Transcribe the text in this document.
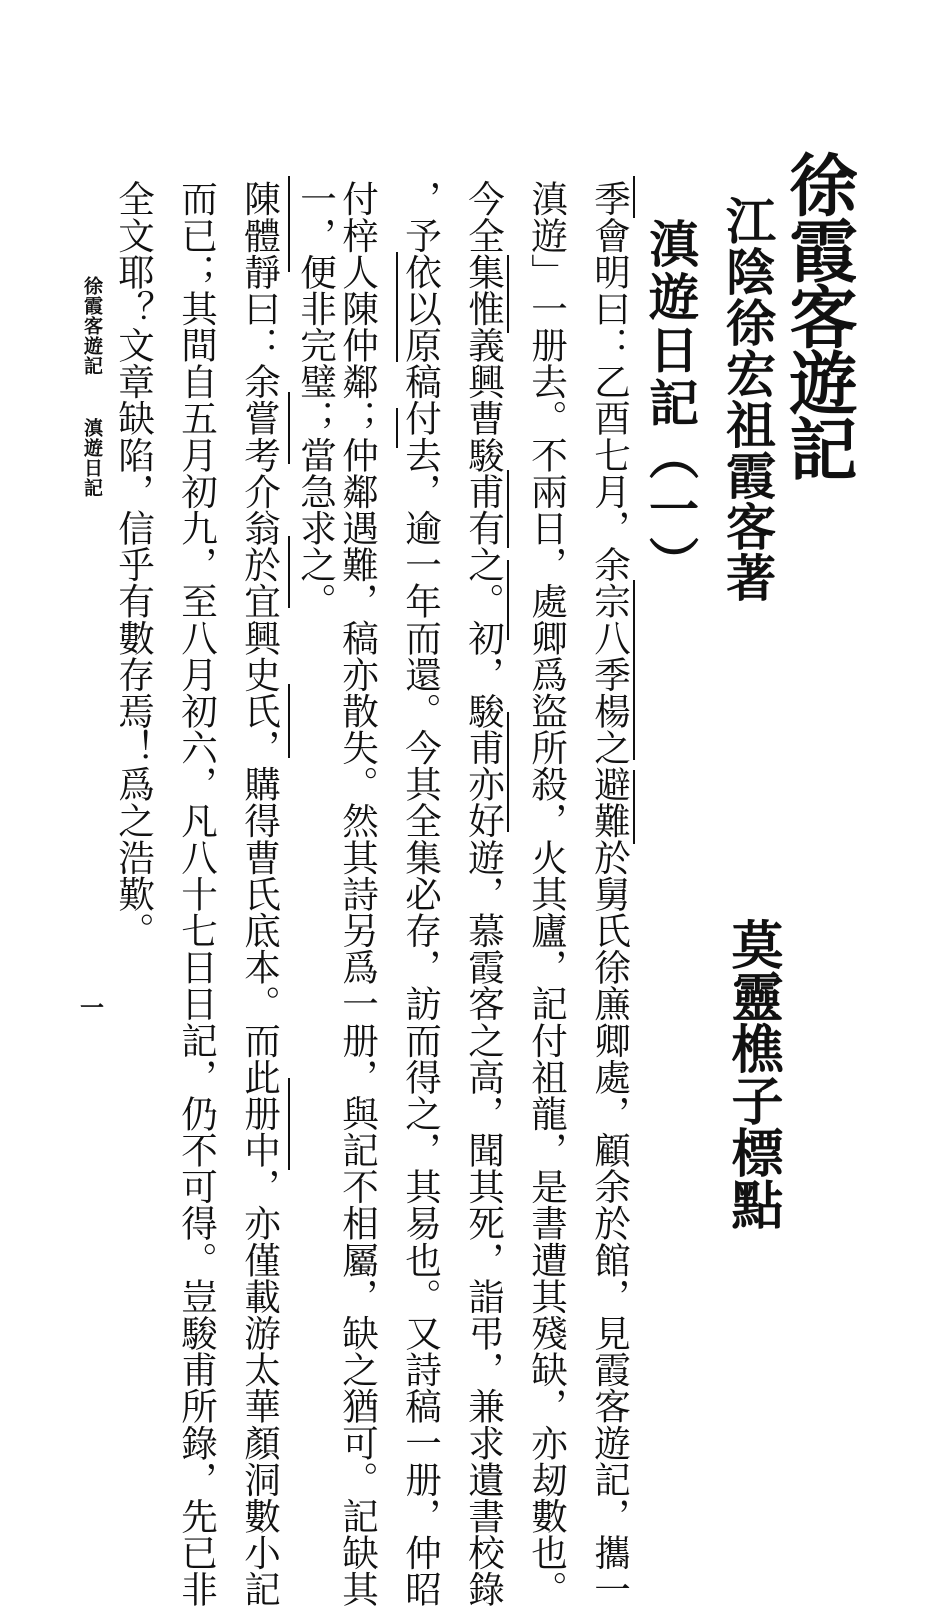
徐霞客遊記
江陰徐宏祖霞客著
莫靈樵子標點
滇遊日記（一）
季會明曰：乙酉七月，余宗八季楊之避難於舅氏徐㢘卿處，顧余於館，見霞客遊記，攜一
滇遊」一册去。不兩日，處卿爲盜所殺，火其廬，記付祖龍，是書遭其殘缺，亦刼數也。
今全集惟義興曹駿甫有之。初，駿甫亦好遊，慕霞客之高，聞其死，詣弔，兼求遺書校錄
，予依以原稿付去，逾一年而還。今其全集必存，訪而得之，其易也。又詩稿一册，仲昭
付梓人陳仲鄰；仲鄰遇難，稿亦散失。然其詩另爲一册，與記不相屬，缺之猶可。記缺其
一，便非完璧；當急求之。
陳體靜曰：余嘗考介翁於宜興史氏，購得曹氏底本。而此册中，亦僅載游太華顏洞數小記
而已；其間自五月初九，至八月初六，凡八十七日日記，仍不可得。豈駿甫所錄，先已非
全文耶？文章缺陷，信乎有數存焉！爲之浩歎。
徐霞客遊記
滇遊日記
一
